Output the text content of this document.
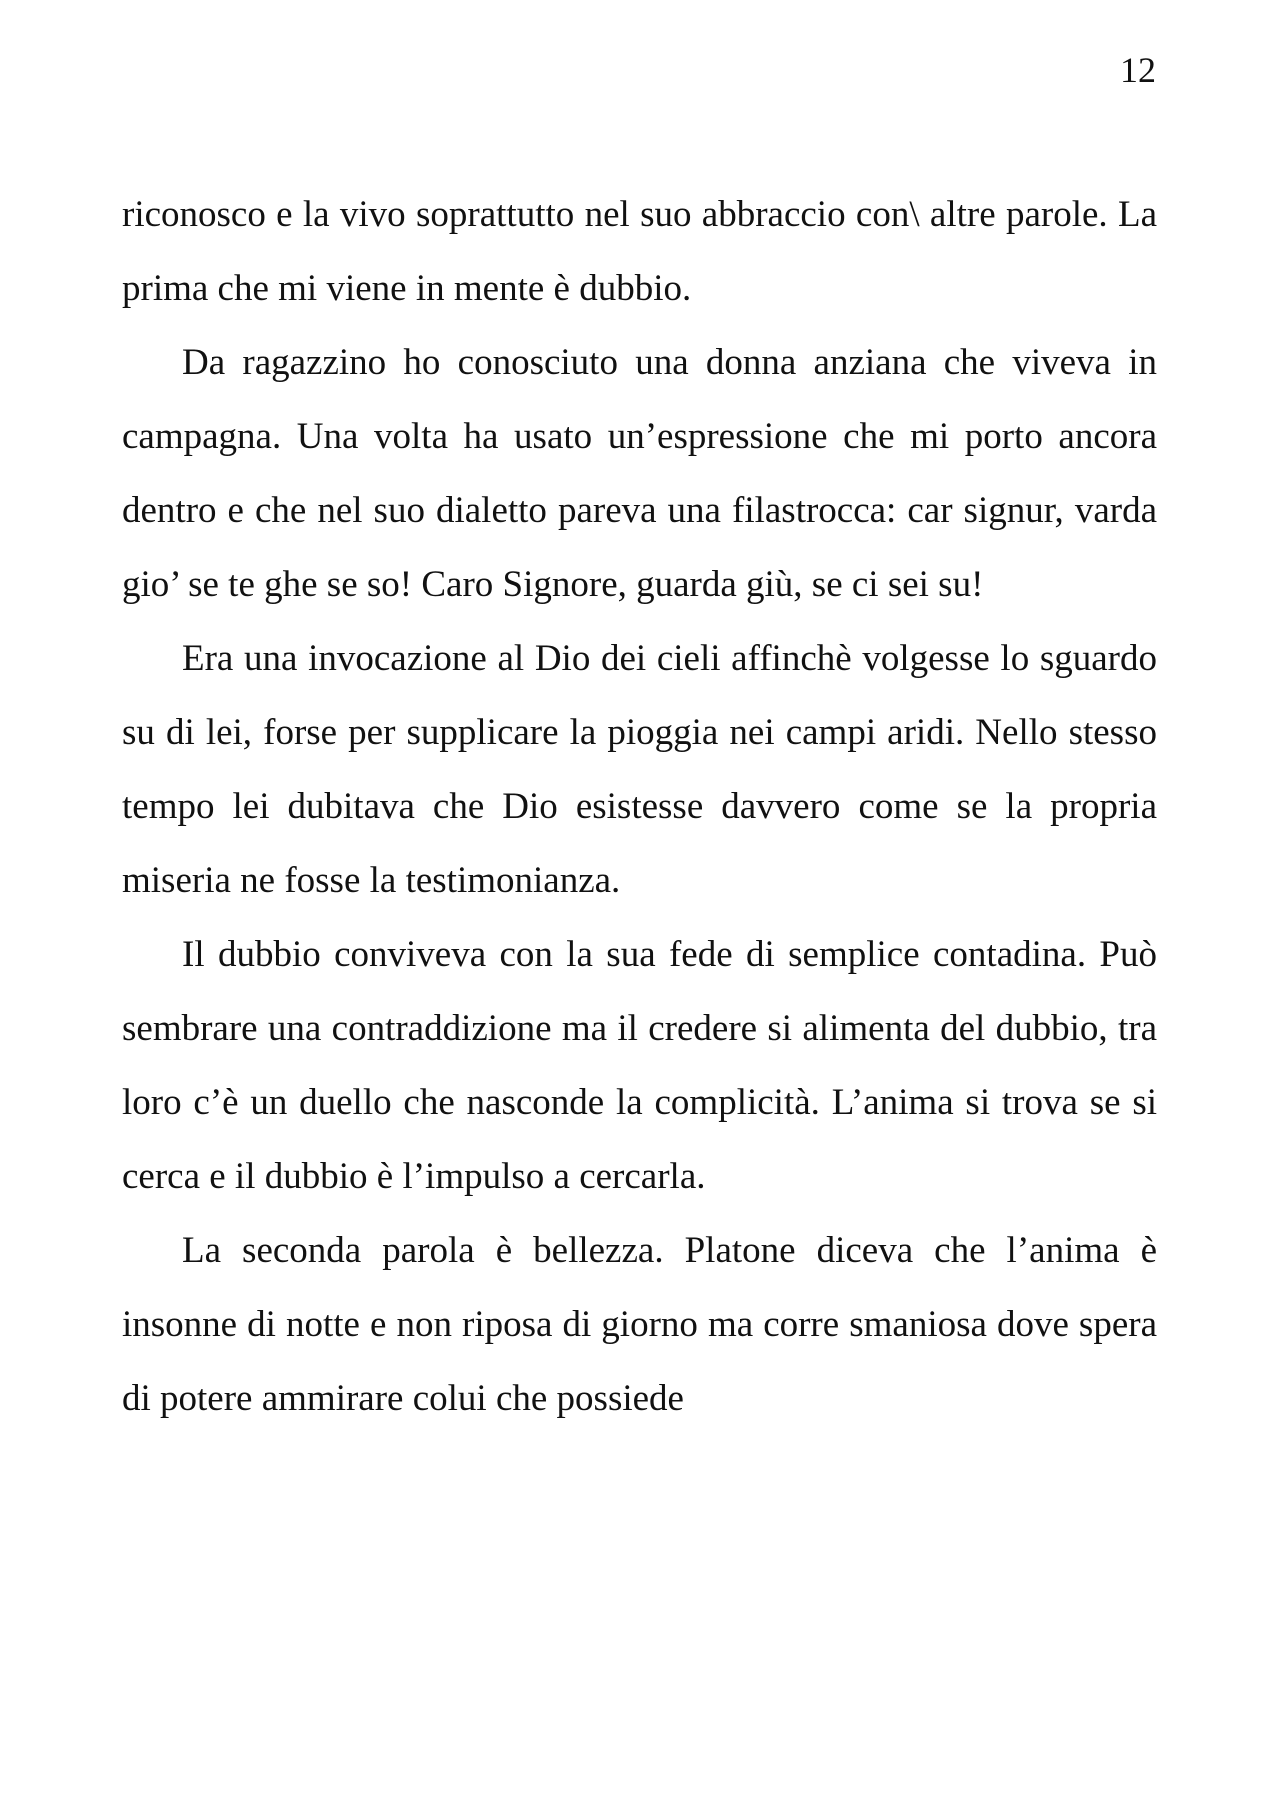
12

riconosco e la vivo soprattutto nel suo abbraccio con\ altre parole. La prima che mi viene in mente è dubbio.

Da ragazzino ho conosciuto una donna anziana che viveva in campagna. Una volta ha usato un’espressione che mi porto ancora dentro e che nel suo dialetto pareva una filastrocca: car signur, varda gio’ se te ghe se so! Caro Signore, guarda giù, se ci sei su!

Era una invocazione al Dio dei cieli affinchè volgesse lo sguardo su di lei, forse per supplicare la pioggia nei campi aridi. Nello stesso tempo lei dubitava che Dio esistesse davvero come se la propria miseria ne fosse la testimonianza.

Il dubbio conviveva con la sua fede di semplice contadina. Può sembrare una contraddizione ma il credere si alimenta del dubbio, tra loro c’è un duello che nasconde la complicità. L’anima si trova se si cerca e il dubbio è l’impulso a cercarla.

La seconda parola è bellezza. Platone diceva che l’anima è insonne di notte e non riposa di giorno ma corre smaniosa dove spera di potere ammirare colui che possiede
